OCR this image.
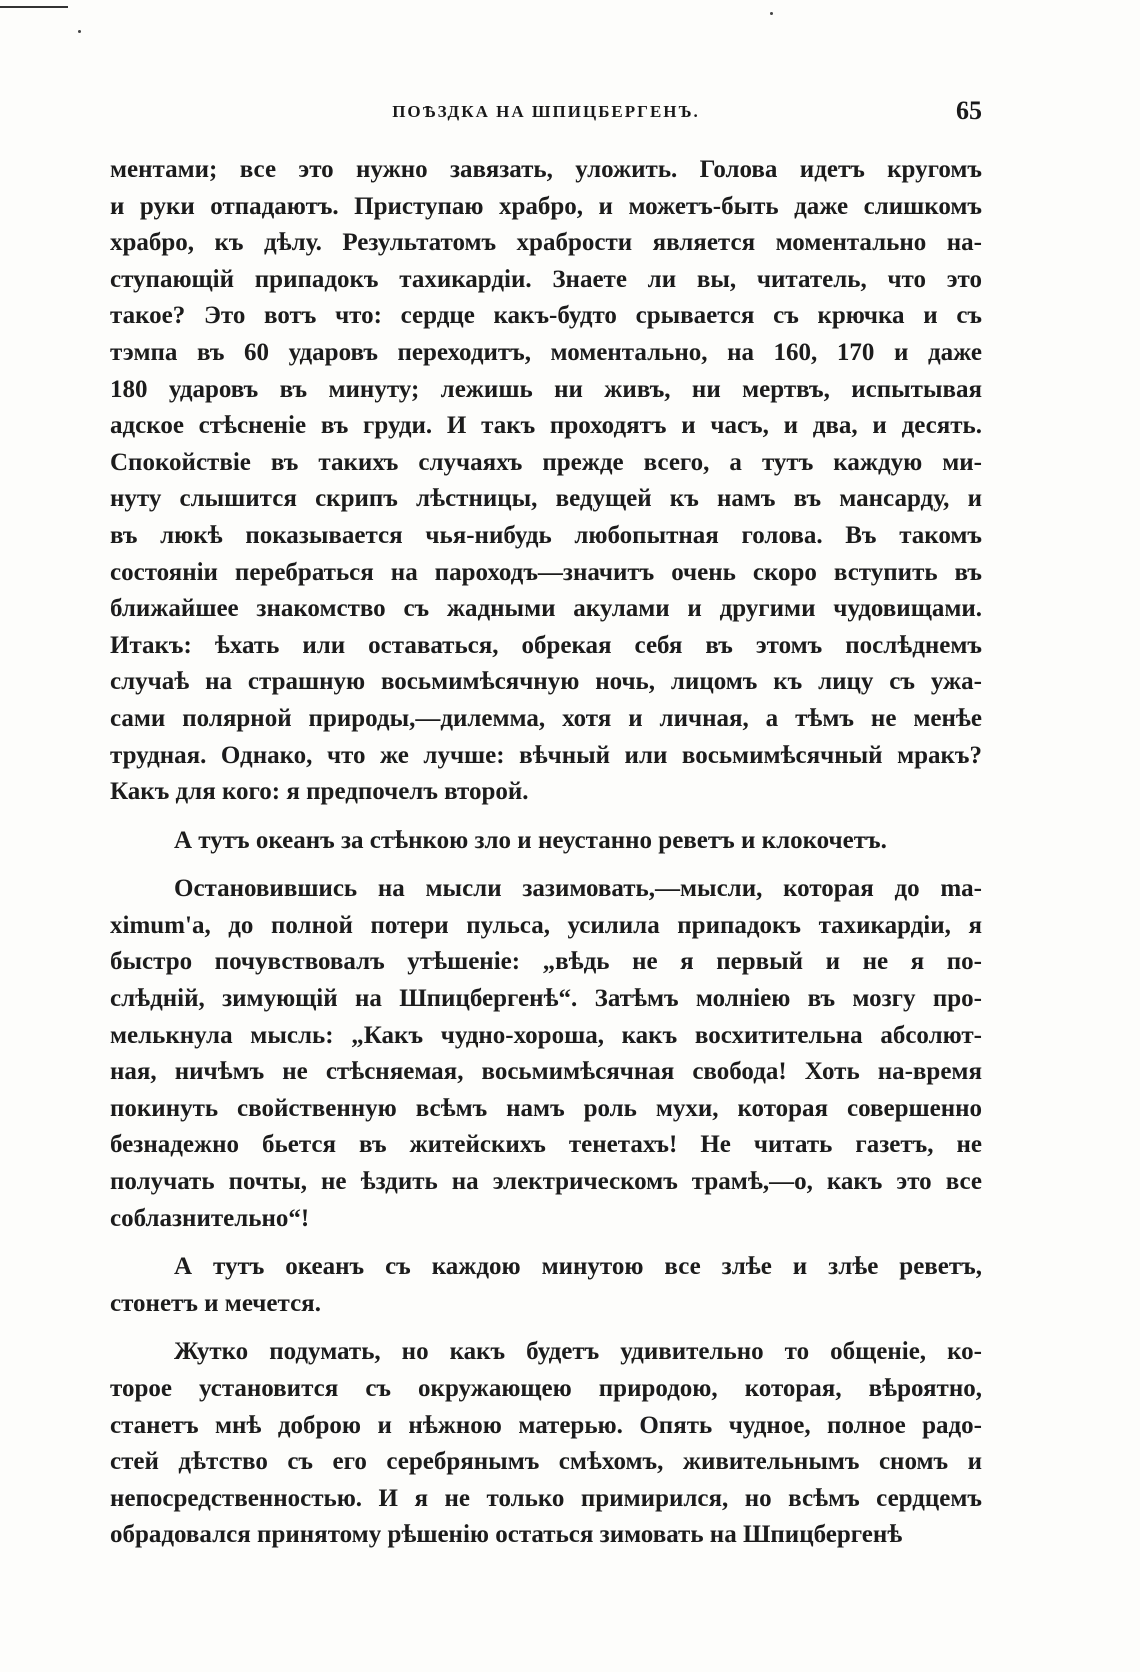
ПОѢЗДКА НА ШПИЦБЕРГЕНЪ.	65

ментами; все это нужно завязать, уложить. Голова идетъ кругомъ
и руки отпадаютъ. Приступаю храбро, и можетъ-быть даже слишкомъ
храбро, къ дѣлу. Результатомъ храбрости является моментально на-
ступающій припадокъ тахикардіи. Знаете ли вы, читатель, что это
такое? Это вотъ что: сердце какъ-будто срывается съ крючка и съ
тэмпа въ 60 ударовъ переходитъ, моментально, на 160, 170 и даже
180 ударовъ въ минуту; лежишь ни живъ, ни мертвъ, испытывая
адское стѣсненіе въ груди. И такъ проходятъ и часъ, и два, и десять.
Спокойствіе въ такихъ случаяхъ прежде всего, а тутъ каждую ми-
нуту слышится скрипъ лѣстницы, ведущей къ намъ въ мансарду, и
въ люкѣ показывается чья-нибудь любопытная голова. Въ такомъ
состояніи перебраться на пароходъ—значитъ очень скоро вступить въ
ближайшее знакомство съ жадными акулами и другими чудовищами.
Итакъ: ѣхать или оставаться, обрекая себя въ этомъ послѣднемъ
случаѣ на страшную восьмимѣсячную ночь, лицомъ къ лицу съ ужа-
сами полярной природы,—дилемма, хотя и личная, а тѣмъ не менѣе
трудная. Однако, что же лучше: вѣчный или восьмимѣсячный мракъ?
Какъ для кого: я предпочелъ второй.

А тутъ океанъ за стѣнкою зло и неустанно реветъ и клокочетъ.

Остановившись на мысли зазимовать,—мысли, которая до ma-
ximum'а, до полной потери пульса, усилила припадокъ тахикардіи, я
быстро почувствовалъ утѣшеніе: „вѣдь не я первый и не я по-
слѣдній, зимующій на Шпицбергенѣ“. Затѣмъ молніею въ мозгу про-
мелькнула мысль: „Какъ чудно-хороша, какъ восхитительна абсолют-
ная, ничѣмъ не стѣсняемая, восьмимѣсячная свобода! Хоть на-время
покинуть свойственную всѣмъ намъ роль мухи, которая совершенно
безнадежно бьется въ житейскихъ тенетахъ! Не читать газетъ, не
получать почты, не ѣздить на электрическомъ трамѣ,—о, какъ это все
соблазнительно“!

А тутъ океанъ съ каждою минутою все злѣе и злѣе реветъ,
стонетъ и мечется.

Жутко подумать, но какъ будетъ удивительно то общеніе, ко-
торое установится съ окружающею природою, которая, вѣроятно,
станетъ мнѣ доброю и нѣжною матерью. Опять чудное, полное радо-
стей дѣтство съ его серебрянымъ смѣхомъ, живительнымъ сномъ и
непосредственностью. И я не только примирился, но всѣмъ сердцемъ
обрадовался принятому рѣшенію остаться зимовать на Шпицбергенѣ
